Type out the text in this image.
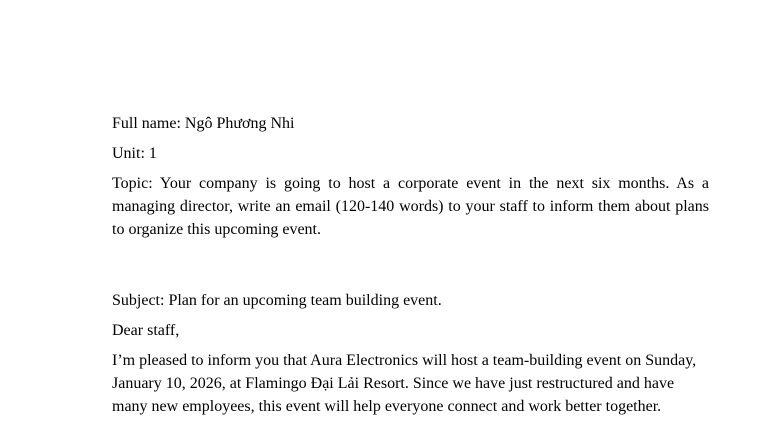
Full name: Ngô Phương Nhi

Unit: 1

Topic: Your company is going to host a corporate event in the next six months. As a managing director, write an email (120-140 words) to your staff to inform them about plans to organize this upcoming event.

Subject: Plan for an upcoming team building event.

Dear staff,

I’m pleased to inform you that Aura Electronics will host a team-building event on Sunday, January 10, 2026, at Flamingo Đại Lải Resort. Since we have just restructured and have many new employees, this event will help everyone connect and work better together.
